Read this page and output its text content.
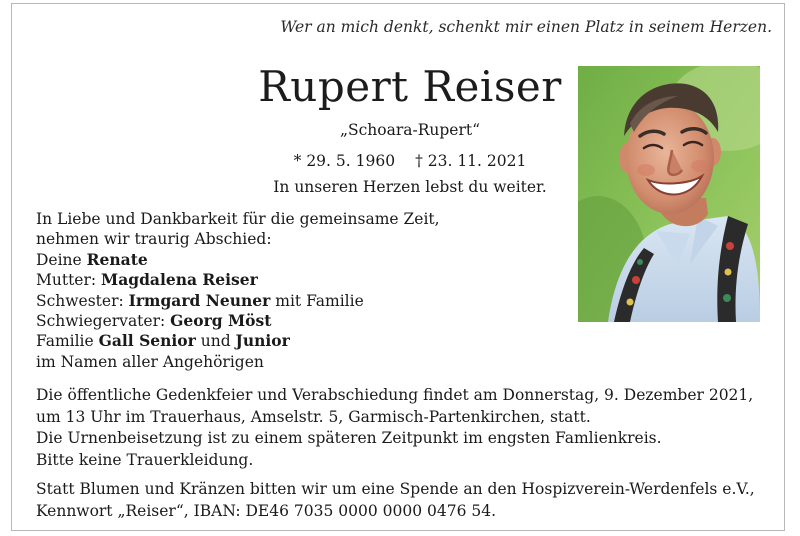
Wer an mich denkt, schenkt mir einen Platz in seinem Herzen.
Rupert Reiser
„Schoara-Rupert“
* 29. 5. 1960 † 23. 11. 2021
In unseren Herzen lebst du weiter.
In Liebe und Dankbarkeit für die gemeinsame Zeit,
nehmen wir traurig Abschied:
Deine Renate
Mutter: Magdalena Reiser
Schwester: Irmgard Neuner mit Familie
Schwiegervater: Georg Möst
Familie Gall Senior und Junior
im Namen aller Angehörigen
Die öffentliche Gedenkfeier und Verabschiedung findet am Donnerstag, 9. Dezember 2021,
um 13 Uhr im Trauerhaus, Amselstr. 5, Garmisch-Partenkirchen, statt.
Die Urnenbeisetzung ist zu einem späteren Zeitpunkt im engsten Famlienkreis.
Bitte keine Trauerkleidung.
Statt Blumen und Kränzen bitten wir um eine Spende an den Hospizverein-Werdenfels e.V.,
Kennwort „Reiser“, IBAN: DE46 7035 0000 0000 0476 54.
